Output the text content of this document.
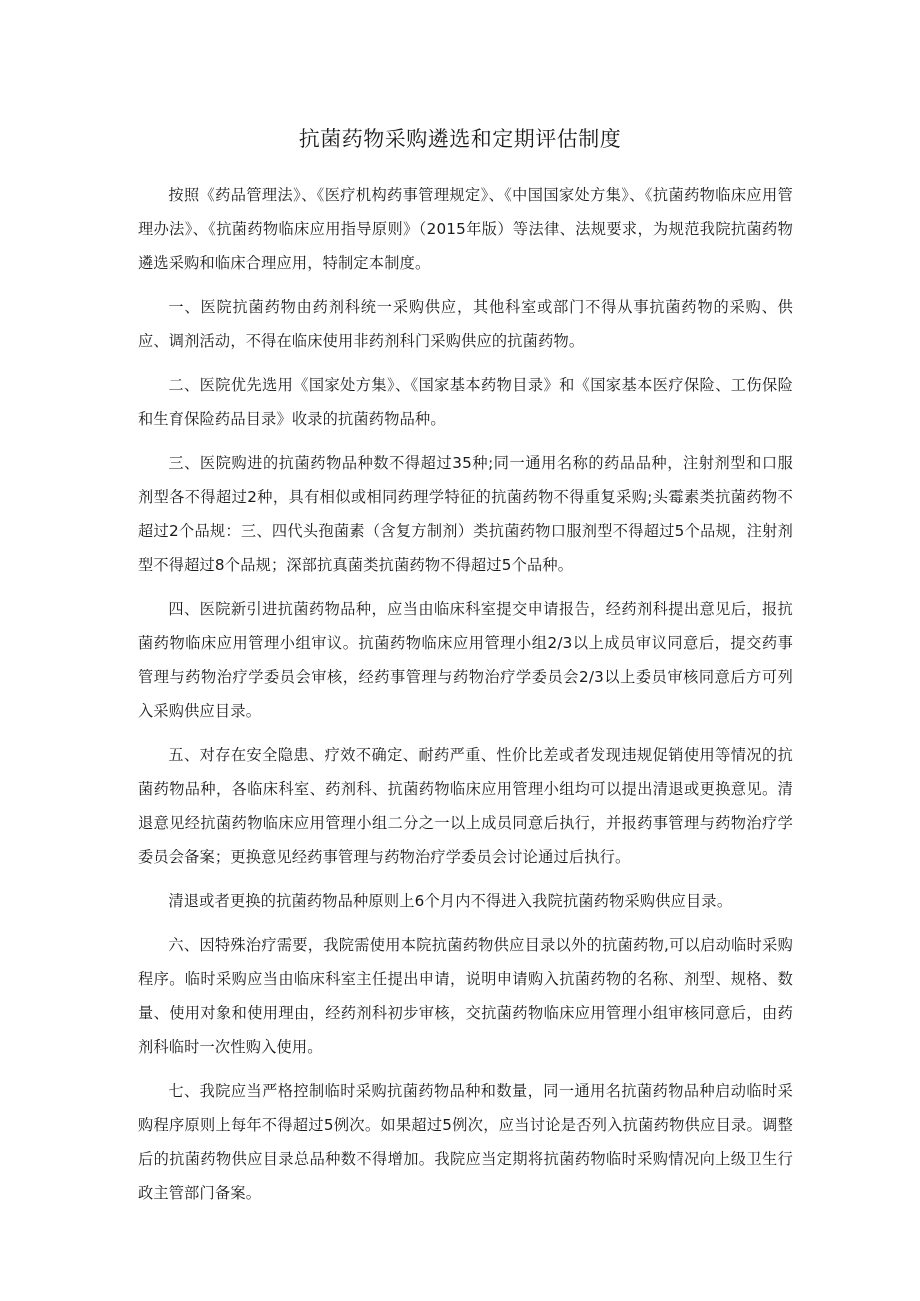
抗菌药物采购遴选和定期评估制度

按照《药品管理法》、《医疗机构药事管理规定》、《中国国家处方集》、《抗菌药物临床应用管理办法》、《抗菌药物临床应用指导原则》（2015年版）等法律、法规要求，为规范我院抗菌药物遴选采购和临床合理应用，特制定本制度。

一、医院抗菌药物由药剂科统一采购供应，其他科室或部门不得从事抗菌药物的采购、供应、调剂活动，不得在临床使用非药剂科门采购供应的抗菌药物。

二、医院优先选用《国家处方集》、《国家基本药物目录》和《国家基本医疗保险、工伤保险和生育保险药品目录》收录的抗菌药物品种。

三、医院购进的抗菌药物品种数不得超过35种;同一通用名称的药品品种，注射剂型和口服剂型各不得超过2种，具有相似或相同药理学特征的抗菌药物不得重复采购;头霉素类抗菌药物不超过2个品规：三、四代头孢菌素（含复方制剂）类抗菌药物口服剂型不得超过5个品规，注射剂型不得超过8个品规；深部抗真菌类抗菌药物不得超过5个品种。

四、医院新引进抗菌药物品种，应当由临床科室提交申请报告，经药剂科提出意见后，报抗菌药物临床应用管理小组审议。抗菌药物临床应用管理小组2/3以上成员审议同意后，提交药事管理与药物治疗学委员会审核，经药事管理与药物治疗学委员会2/3以上委员审核同意后方可列入采购供应目录。

五、对存在安全隐患、疗效不确定、耐药严重、性价比差或者发现违规促销使用等情况的抗菌药物品种，各临床科室、药剂科、抗菌药物临床应用管理小组均可以提出清退或更换意见。清退意见经抗菌药物临床应用管理小组二分之一以上成员同意后执行，并报药事管理与药物治疗学委员会备案；更换意见经药事管理与药物治疗学委员会讨论通过后执行。

清退或者更换的抗菌药物品种原则上6个月内不得进入我院抗菌药物采购供应目录。

六、因特殊治疗需要，我院需使用本院抗菌药物供应目录以外的抗菌药物,可以启动临时采购程序。临时采购应当由临床科室主任提出申请，说明申请购入抗菌药物的名称、剂型、规格、数量、使用对象和使用理由，经药剂科初步审核，交抗菌药物临床应用管理小组审核同意后，由药剂科临时一次性购入使用。

七、我院应当严格控制临时采购抗菌药物品种和数量，同一通用名抗菌药物品种启动临时采购程序原则上每年不得超过5例次。如果超过5例次，应当讨论是否列入抗菌药物供应目录。调整后的抗菌药物供应目录总品种数不得增加。我院应当定期将抗菌药物临时采购情况向上级卫生行政主管部门备案。
